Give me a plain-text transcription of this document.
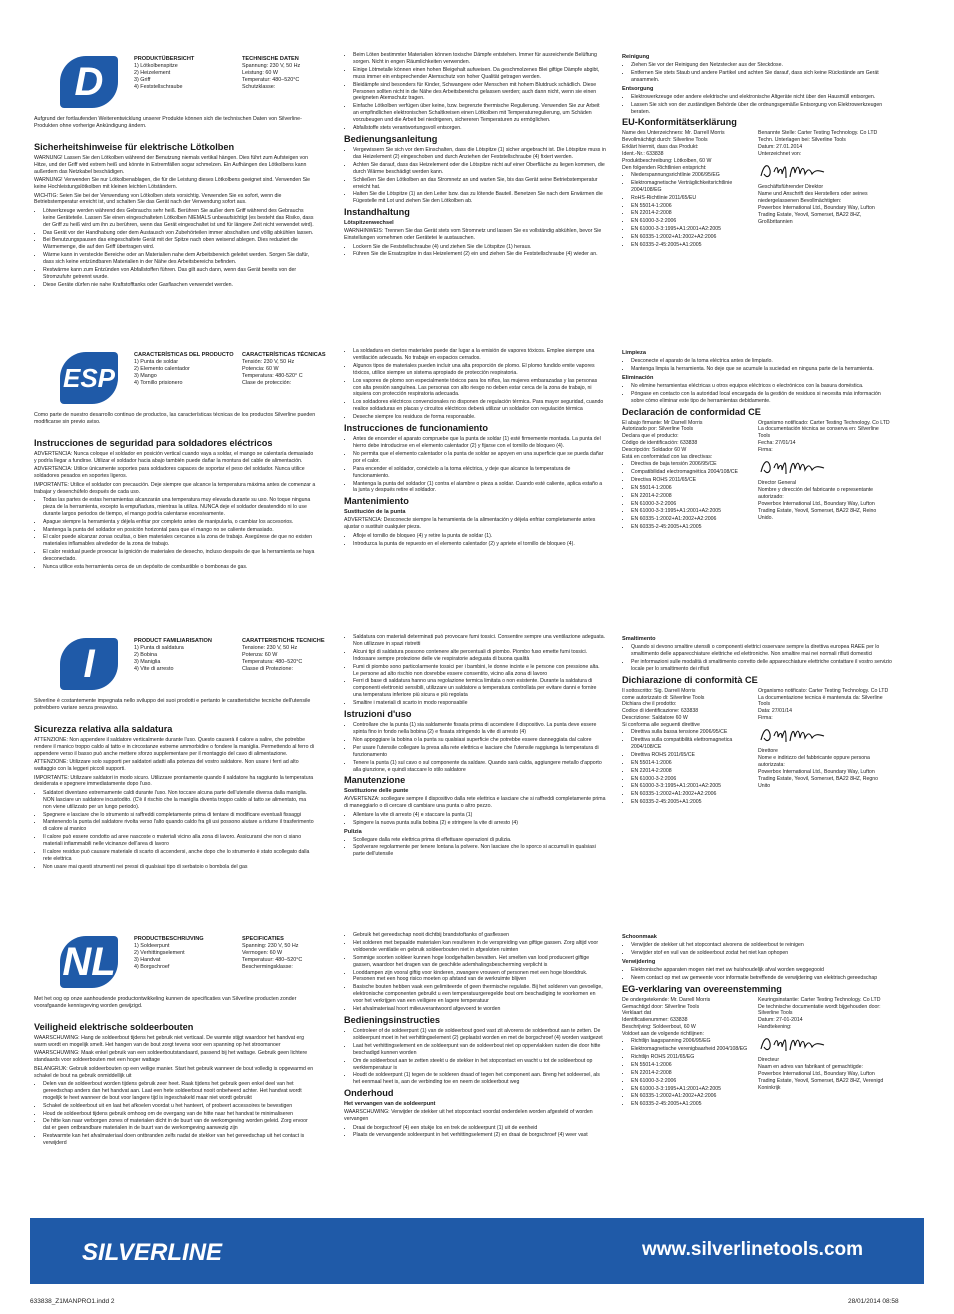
D
PRODUKTÜBERSICHT
1) Lötkolbenspitze
2) Heizelement
3) Griff
4) Feststellschraube
TECHNISCHE DATEN
Spannung: 230 V, 50 Hz
Leistung: 60 W
Temperatur: 480–520°C
Schutzklasse:
Aufgrund der fortlaufenden Weiterentwicklung unserer Produkte können sich die technischen Daten von Silverline-Produkten ohne vorherige Ankündigung ändern.
Sicherheitshinweise für elektrische Lötkolben

WARNUNG! Lassen Sie den Lötkolben während der Benutzung niemals vertikal hängen. Dies führt zum Aufsteigen von Hitze, und der Griff wird extrem heiß und könnte in Extremfällen sogar schmelzen. Ein Aufhängen des Lötkolbens kann außerdem das Netzkabel beschädigen.

WARNUNG! Verwenden Sie nur Lötkolbenablagen, die für die Leistung dieses Lötkolbens geeignet sind. Verwenden Sie keine Hochleistungslötkolben mit kleinen leichten Lötständern.

WICHTIG: Seien Sie bei der Verwendung von Lötkolben stets vorsichtig. Verwenden Sie es sofort, wenn die Betriebstemperatur erreicht ist, und schalten Sie das Gerät nach der Verwendung sofort aus.

• Lötwerkzeuge werden während des Gebrauchs sehr heiß. Berühren Sie außer dem Griff während des Gebrauchs keine Geräteteile. Lassen Sie einen eingeschalteten Lötkolben NIEMALS unbeaufsichtigt (es besteht das Risiko, dass der Griff zu heiß wird um ihn zu berühren, wenn das Gerät eingeschaltet ist und für längere Zeit nicht verwendet wird).
• Das Gerät vor der Handhabung oder dem Austausch von Zubehörteilen immer abschalten und völlig abkühlen lassen.
• Bei Benutzungspausen das eingeschaltete Gerät mit der Spitze nach oben weisend ablegen. Dies reduziert die Wärmemenge, die auf den Griff übertragen wird.
• Wärme kann in versteckte Bereiche oder an Materialien nahe dem Arbeitsbereich geleitet werden. Sorgen Sie dafür, dass sich keine entzündbaren Materialien in der Nähe des Arbeitsbereichs befinden.
• Restwärme kann zum Entzünden von Abfallstoffen führen. Das gilt auch dann, wenn das Gerät bereits von der Stromzufuhr getrennt wurde.
• Diese Geräte dürfen nie nahe Kraftstofftanks oder Gasflaschen verwendet werden.
• Beim Löten bestimmter Materialien können toxische Dämpfe entstehen. Immer für ausreichende Belüftung sorgen. Nicht in engen Räumlichkeiten verwenden.
• Einige Lötmetalle können einen hohen Bleigehalt aufweisen. Da geschmolzenes Blei giftige Dämpfe abgibt, muss immer ein entsprechender Atemschutz von hoher Qualität getragen werden.
• Bleidämpfe sind besonders für Kinder, Schwangere oder Menschen mit hohem Blutdruck schädlich. Diese Personen sollten nicht in die Nähe des Arbeitsbereichs gelassen werden; auch dann nicht, wenn sie einen geeigneten Atemschutz tragen.
• Einfache Lötkolben verfügen über keine, bzw. begrenzte thermische Regulierung. Verwenden Sie zur Arbeit an empfindlichen elektronischen Schaltkreisen einen Lötkolben mit Temperaturregulierung, um Schäden vorzubeugen und die Arbeit bei niedrigeren, sichereren Temperaturen zu ermöglichen.
• Abfallstoffe stets verantwortungsvoll entsorgen.
Bedienungsanleitung
• Vergewissern Sie sich vor dem Einschalten, dass die Lötspitze (1) sicher angebracht ist. Die Lötspitze muss in das Heizelement (2) eingeschoben und durch Anziehen der Feststellschraube (4) fixiert werden.
• Achten Sie darauf, dass das Heizelement oder die Lötspitze nicht auf einer Oberfläche zu liegen kommen, die durch Wärme beschädigt werden kann.
• Schließen Sie den Lötkolben an das Stromnetz an und warten Sie, bis das Gerät seine Betriebstemperatur erreicht hat.
• Halten Sie die Lötspitze (1) an den Leiter bzw. das zu lötende Bauteil. Benetzen Sie nach dem Erwärmen die Fügestelle mit Lot und ziehen Sie den Lötkolben ab.
Instandhaltung
Lötspitzenwechsel

WARNHINWEIS: Trennen Sie das Gerät stets vom Stromnetz und lassen Sie es vollständig abkühlen, bevor Sie Einstellungen vornehmen oder Gerätetei le austauschen.

• Lockern Sie die Feststellschraube (4) und ziehen Sie die Lötspitze (1) heraus.
• Führen Sie die Ersatzspitze in das Heizelement (2) ein und ziehen Sie die Feststellschraube (4) wieder an.
Reinigung
• Ziehen Sie vor der Reinigung den Netzstecker aus der Steckdose.
• Entfernen Sie stets Staub und andere Partikel und achten Sie darauf, dass sich keine Rückstände am Gerät ansammeln.
Entsorgung
• Elektrowerkzeuge oder andere elektrische und elektronische Altgeräte nicht über den Hausmüll entsorgen.
• Lassen Sie sich von der zuständigen Behörde über die ordnungsgemäße Entsorgung von Elektrowerkzeugen beraten.
EU-Konformitätserklärung
Name des Unterzeichners: Mr. Darrell Morris
Bevollmächtigt durch: Silverline Tools
Erklärt hiermit, dass das Produkt:
Ident.-Nr.: 633838
Produktbeschreibung: Lötkolben, 60 W
Den folgenden Richtlinien entspricht:
• Niederspannungsrichtlinie 2006/95/EG
• Elektromagnetische Verträglichkeitsrichtlinie 2004/108/EG
• RoHS-Richtlinie 2011/65/EU
• EN 55014-1:2006
• EN 22014-2:2008
• EN 61000-3-2:2006
• EN 61000-3-3:1995+A1:2001+A2:2005
• EN 60335-1:2002+A1:2002+A2:2006
• EN 60335-2-45:2005+A1:2005
Benannte Stelle: Carter Testing Technology. Co LTD
Techn. Unterlagen bei: Silverline Tools
Datum: 27.01.2014
Unterzeichnet von:
Geschäftsführender Direktor
Name und Anschrift des Herstellers oder seines niedergelassenen Bevollmächtigten:
Powerbox International Ltd., Boundary Way, Lufton Trading Estate, Yeovil, Somerset, BA22 8HZ, Großbritannien
ESP
CARACTERÍSTICAS DEL PRODUCTO
1) Punta de soldar
2) Elemento calentador
3) Mango
4) Tornillo prisionero
CARACTERÍSTICAS TÉCNICAS
Tensión: 230 V, 50 Hz
Potencia: 60 W
Temperatura: 480-520° C
Clase de protección:
Como parte de nuestro desarrollo continuo de productos, las características técnicas de los productos Silverline pueden modificarse sin previo aviso.
Instrucciones de seguridad para soldadores eléctricos

ADVERTENCIA: Nunca coloque el soldador en posición vertical cuando vaya a soldar, el mango se calentaría demasiado y podría llegar a fundirse. Utilizar el soldador hacia abajo también puede dañar la montura del cable de alimentación.

ADVERTENCIA: Utilice únicamente soportes para soldadores capaces de soportar el peso del soldador. Nunca utilice soldadores pesados en soportes ligeros.

IMPORTANTE: Utilice el soldador con precaución. Deje siempre que alcance la temperatura máxima antes de comenzar a trabajar y desenchúfelo después de cada uso.

• Todas las partes de estas herramientas alcanzarán una temperatura muy elevada durante su uso. No toque ninguna pieza de la herramienta, excepto la empuñadura, mientras la utiliza. NUNCA deje el soldador desatendido ni lo use durante largos periodos de tiempo, el mango podría calentarse excesivamente.
• Apague siempre la herramienta y déjela enfriar por completo antes de manipularla, o cambiar los accesorios.
• Mantenga la punta del soldador en posición horizontal para que el mango no se caliente demasiado.
• El calor puede alcanzar zonas ocultas, o bien materiales cercanos a la zona de trabajo. Asegúrese de que no existen materiales inflamables alrededor de la zona de trabajo.
• El calor residual puede provocar la ignición de materiales de desecho, incluso después de que la herramienta se haya desconectado.
• Nunca utilice esta herramienta cerca de un depósito de combustible o bombonas de gas.
• La soldadura en ciertos materiales puede dar lugar a la emisión de vapores tóxicos. Emplee siempre una ventilación adecuada. No trabaje en espacios cerrados.
• Algunos tipos de materiales pueden incluir una alta proporción de plomo. El plomo fundido emite vapores tóxicos, utilice siempre un sistema apropiado de protección respiratoria.
• Los vapores de plomo son especialmente tóxicos para los niños, las mujeres embarazadas y las personas con alta presión sanguínea. Las personas con alto riesgo no deben estar cerca de la zona de trabajo, ni siquiera con protección respiratoria adecuada.
• Los soldadores eléctricos convencionales no disponen de regulación térmica. Para mayor seguridad, cuando realice soldaduras en placas y circuitos eléctricos deberá utilizar un soldador con regulación térmica
• Deseche siempre los residuos de forma responsable.
Instrucciones de funcionamiento
• Antes de encender el aparato compruebe que la punta de soldar (1) esté firmemente montada. La punta del hierro debe introducirse en el elemento calentador (2) y fijarse con el tornillo de bloqueo (4).
• No permita que el elemento calentador o la punta de soldar se apoyen en una superficie que se pueda dañar por el calor.
• Para encender el soldador, conéctelo a la toma eléctrica, y deje que alcance la temperatura de funcionamiento.
• Mantenga la punta del soldador (1) contra el alambre o pieza a soldar. Cuando esté caliente, aplica estaño a la junta y después retire el soldador.
Mantenimiento
Sustitución de la punta

ADVERTENCIA: Desconecte siempre la herramienta de la alimentación y déjela enfriar completamente antes ajustar o sustituir cualquier pieza.

• Afloje el tornillo de bloqueo (4) y retire la punta de soldar (1).
• Introduzca la punta de repuesto en el elemento calentador (2) y apriete el tornillo de bloqueo (4).
Limpieza
• Desconecte el aparato de la toma eléctrica antes de limpiarlo.
• Mantenga limpia la herramienta. No deje que se acumule la suciedad en ninguna parte de la herramienta.
Eliminación
• No elimine herramientas eléctricas u otros equipos eléctricos o electrónicos con la basura doméstica.
• Póngase en contacto con la autoridad local encargada de la gestión de residuos si necesita más información sobre cómo eliminar este tipo de herramientas debidamente.
Declaración de conformidad CE
El abajo firmante: Mr Darrell Morris
Autorizado por: Silverline Tools
Declara que el producto:
Código de identificación: 633838
Descripción: Soldador 60 W
Está en conformidad con las directivas:
• Directiva de baja tensión 2006/95/CE
• Compatibilidad electromagnética 2004/108/CE
• Directiva ROHS 2011/65/CE
• EN 55014-1:2006
• EN 22014-2:2008
• EN 61000-3-2:2006
• EN 61000-3-3:1995+A1:2001+A2:2005
• EN 60335-1:2002+A1:2002+A2:2006
• EN 60335-2-45:2005+A1:2005
Organismo notificado: Carter Testing Technology. Co LTD
La documentación técnica se conserva en: Silverline Tools
Fecha: 27/01/14
Firma:
Director General
Nombre y dirección del fabricante o representante autorizado:
Powerbox International Ltd., Boundary Way, Lufton Trading Estate, Yeovil, Somerset, BA22 8HZ, Reino Unido.
I
PRODUCT FAMILIARISATION
1) Punta di saldatura
2) Bobina
3) Maniglia
4) Vite di arresto
CARATTERISTICHE TECNICHE
Tensione: 230 V, 50 Hz
Potenza: 60 W
Temperatura: 480–520°C
Classe di Protezione:
Silverline è costantemente impegnata nello sviluppo dei suoi prodotti e pertanto le caratteristiche tecniche dell'utensile potrebbero variare senza preavviso.
Sicurezza relativa alla saldatura

ATTENZIONE: Non appendere il saldatore verticalmente durante l'uso. Questo causerà il calore a salire, che potrebbe rendere il manico troppo caldo al tatto e in circostanze estreme ammorbidire o fondere la maniglia. Permettendo al ferro di appendere verso il basso può anche mettere sforzo supplementare per il montaggio del cavo di alimentazione.

ATTENZIONE: Utilizzare solo supporti per saldatori adatti alla potenza del vostro saldatore. Non usare i ferri ad alto wattaggio con la leggeri piccoli supporti.

IMPORTANTE: Utilizzare saldatori in modo sicuro. Utilizzare prontamente quando il saldatore ha raggiunto la temperatura desiderata e spegnere immediatamente dopo l'uso.

• Saldatori diventano estremamente caldi durante l'uso. Non toccare alcuna parte dell'utensile diversa dalla maniglia. NON lasciare un saldatore incustodito. (C'è il rischio che la maniglia diventa troppo caldo al tatto se alimentato, ma non viene utilizzato per un lungo periodo).
• Spegnere e lasciare che lo strumento si raffreddi completamente prima di tentare di modificare eventuali fissaggi
• Mantenendo la punta del saldatore rivolta verso l'alto quando caldo fra gli usi possono aiutare a ridurre il trasferimento di calore al manico
• Il calore può essere condotto ad aree nascoste o materiali vicino alla zona di lavoro. Assicurarsi che non ci siano materiali infiammabili nelle vicinanze dell'area di lavoro
• Il calore residuo può causare materiale di scarto di accendersi, anche dopo che lo strumento è stato scollegato dalla rete elettrica
• Non usare mai questi strumenti nei pressi di qualsiasi tipo di serbatoio o bombola del gas
• Saldatura con materiali determinati può provocare fumi tossici. Consentire sempre una ventilazione adeguata. Non utilizzare in spazi ristretti
• Alcuni tipi di saldatura possono contenere alte percentuali di piombo. Piombo fuso emette fumi tossici. Indossare sempre protezione delle vie respiratorie adeguata di buona qualità
• Fumi di piombo sono particolarmente tossici per i bambini, le donne incinte e le persone con pressione alta. Le persone ad alto rischio non dovrebbe essere consentito, vicino alla zona di lavoro
• Ferri di base di saldatura hanno una regolazione termica limitata o non esistente. Durante la saldatura di componenti elettronici sensibili, utilizzare un saldatore a temperatura controllata per evitare danni e fornire una temperatura inferiore più sicura e più regolata
• Smaltire i materiali di scarto in modo responsabile
Istruzioni d'uso
• Controllare che la punta (1) sia saldamente fissata prima di accendere il dispositivo. La punta deve essere spinta fino in fondo nella bobina (2) e fissata stringendo la vite di arresto (4)
• Non appoggiare la bobina o la punta su qualsiasi superficie che potrebbe essere danneggiata dal calore
• Per usare l'utensile collegare la presa alla rete elettrica e lasciare che l'utensile raggiunga la temperatura di funzionamento
• Tenere la punta (1) sul cavo o sul componente da saldare. Quando sarà calda, aggiungere metallo d'apporto alla giunzione, e quindi staccare lo stilo saldatore
Manutenzione
Sostituzione delle punte

AVVERTENZA: scollegare sempre il dispositivo dalla rete elettrica e lasciare che si raffreddi completamente prima di maneggiarlo o di cercare di cambiare una punta o altro pezzo.

• Allentare la vite di arresto (4) e staccare la punta (1)
• Spingere la nuova punta sulla bobina (2) e stringere la vite di arresto (4)
Pulizia
• Scollegare dalla rete elettrica prima di effettuare operazioni di pulizia.
• Spolverare regolarmente per tenere lontana la polvere. Non lasciare che lo sporco si accumuli in qualsiasi parte dell'utensile
Smaltimento
• Quando si devono smaltire utensili o componenti elettrici osservare sempre la direttiva europea RAEE per lo smaltimento delle apparecchiature elettriche ed elettroniche. Non smaltire mai nei normali rifiuti domestici
• Per informazioni sulle modalità di smaltimento corretto delle apparecchiature elettriche contattare il vostro servizio locale per lo smaltimento dei rifiuti
Dichiarazione di conformità CE
Il sottoscritto: Sig. Darrell Morris
come autorizzato di: Silverline Tools
Dichiara che il prodotto:
Codice di identificazione: 633838
Descrizione: Saldatore 60 W
Si conforma alle seguenti direttive
• Direttiva sulla bassa tensione 2006/95/CE
• Direttiva sulla compatibilità elettromagnetica 2004/108/CE
• Direttiva ROHS 2011/65/CE
• EN 55014-1:2006
• EN 22014-2:2008
• EN 61000-3-2:2006
• EN 61000-3-3:1995+A1:2001+A2:2005
• EN 60335-1:2002+A1:2002+A2:2006
• EN 60335-2-45:2005+A1:2005
Organismo notificato: Carter Testing Technology. Co LTD
La documentazione tecnica è mantenuta da: Silverline Tools
Data: 27/01/14
Firma:
Direttore
Nome e indirizzo del fabbricante oppure persona autorizzata:
Powerbox International Ltd., Boundary Way, Lufton Trading Estate, Yeovil, Somerset, BA22 8HZ, Regno Unito
NL
PRODUCTBESCHRIJVING
1) Soldeerpunt
2) Verhittingselement
3) Handvat
4) Borgschroef
SPECIFICATIES
Spanning: 230 V, 50 Hz
Vermogen: 60 W
Temperatuur: 480–520°C
Beschermingsklasse:
Met het oog op onze aanhoudende productontwikkeling kunnen de specificaties van Silverline producten zonder voorafgaande kennisgeving worden gewijzigd.
Veiligheid elektrische soldeerbouten

WAARSCHUWING: Hang de soldeerbout tijdens het gebruik niet verticaal. De warmte stijgt waardoor het handvat erg warm wordt en mogelijk smelt. Het hangen van de bout zorgt tevens voor een spanning op het stroomsnoer

WAARSCHUWING: Maak enkel gebruik van een soldeerboutstandaard, passend bij het wattage. Gebruik geen lichtere standaards voor soldeerbouten met een hoger wattage

BELANGRIJK: Gebruik soldeerbouten op een veilige manier. Start het gebruik wanneer de bout volledig is opgewarmd en schakel de bout na gebruik onmiddellijk uit

• Delen van de soldeerbout worden tijdens gebruik zeer heet. Raak tijdens het gebruik geen enkel deel van het gereedschap anders dan het handvat aan. Laat een hete soldeerbout nooit onbeheerd achter. Het handvat wordt mogelijk te heet wanneer de bout voor langere tijd is ingeschakeld maar niet wordt gebruikt
• Schakel de soldeerbout uit en laat het afkoelen voordat u het hanteert, of probeert accessoires te bevestigen
• Houd de soldeerbout tijdens gebruik omhoog om de overgang van de hitte naar het handvat te minimaliseren
• De hitte kan naar verborgen zones of materialen dicht in de buurt van de werkomgeving worden geleid. Zorg ervoor dat er geen ontbrandbare materialen in de buurt van de werkomgeving aanwezig zijn
• Restwarmte kan het afvalmateriaal doen ontbranden zelfs nadat de stekker van het gereedschap uit het contact is verwijderd
• Gebruik het gereedschap nooit dichtbij brandstoftanks of gasflessen
• Het solderen met bepaalde materialen kan resulteren in de verspreiding van giftige gassen. Zorg altijd voor voldoende ventilatie en gebruik soldeerbouten niet in afgesloten ruimten
• Sommige soorten soldeer kunnen hoge loodgehalten bevatten. Het smelten van lood produceert giftige gassen, waardoor het dragen van de geschikte ademhalingsbescherming verplicht is
• Looddampen zijn vooral giftig voor kinderen, zwangere vrouwen of personen met een hoge bloeddruk. Personen met een hoog risico moeten op afstand van de werkruimte blijven
• Basische bouten hebben vaak een gelimiteerde of geen thermische regulatie. Bij het solderen van gevoelige, elektronische componenten gebruikt u een temperatuurgeregelde bout om beschadiging te voorkomen en voor het verkrijgen van een veiligere en lagere temperatuur
• Het afvalmateriaal hoort milieuverantwoord afgevoerd te worden
Bedieningsinstructies
• Controleer of de soldeerpunt (1) van de soldeerbout goed vast zit alvorens de soldeerbout aan te zetten. De soldeerpunt moet in het verhittingselement (2) geplaatst worden en met de borgschroef (4) worden vastgezet
• Laat het verhittingselement en de soldeerpunt van de soldeerbout niet op oppervlakken rusten die door hitte beschadigd kunnen worden
• Om de soldeerbout aan te zetten steekt u de stekker in het stopcontact en wacht u tot de soldeerbout op werktemperatuur is
• Houdt de soldeerpunt (1) tegen de te solderen draad of tegen het component aan. Breng het soldeersel, als het eenmaal heet is, aan de verbinding toe en neem de soldeerbout weg
Onderhoud
Het vervangen van de soldeerpunt

WAARSCHUWING: Verwijder de stekker uit het stopcontact voordat onderdelen worden afgesteld of worden vervangen

• Draai de borgschroef (4) een stukje los en trek de soldeerpunt (1) uit de eenheid
• Plaats de vervangende soldeerpunt in het verhittingselement (2) en draai de borgschroef (4) weer vast
Schoonmaak
• Verwijder de stekker uit het stopcontact alvorens de soldeerbout te reinigen
• Verwijder stof en vuil van de soldeerbout zodat het niet kan ophopen
Verwijdering
• Elektronische apparaten mogen niet met uw huishoudelijk afval worden weggegooid
• Neem contact op met uw gemeente voor informatie betreffende de verwijdering van elektrisch gereedschap
EG-verklaring van overeenstemming
De ondergetekende: Mr. Darrell Morris
Gemachtigd door: Silverline Tools
Verklaart dat
Identificatienummer: 633838
Beschrijving: Soldeerbout, 60 W
Voldoet aan de volgende richtlijnen:
• Richtlijn laagspanning 2006/95/EG
• Elektromagnetische verenigbaarheid 2004/108/EG
• Richtlijn ROHS 2011/65/EG
• EN 55014-1:2006
• EN 22014-2:2008
• EN 61000-3-2:2006
• EN 61000-3-3:1995+A1:2001+A2:2005
• EN 60335-1:2002+A1:2002+A2:2006
• EN 60335-2-45:2005+A1:2005
Keuringsinstantie: Carter Testing Technology. Co LTD
De technische documentatie wordt bijgehouden door: Silverline Tools
Datum: 27-01-2014
Handtekening:
Directeur
Naam en adres van fabrikant of gemachtigde:
Powerbox International Ltd., Boundary Way, Lufton Trading Estate, Yeovil, Somerset, BA22 8HZ, Verenigd Koninkrijk
SILVERLINE	www.silverlinetools.com
633838_Z1MANPRO1.indd 2	28/01/2014 08:58
